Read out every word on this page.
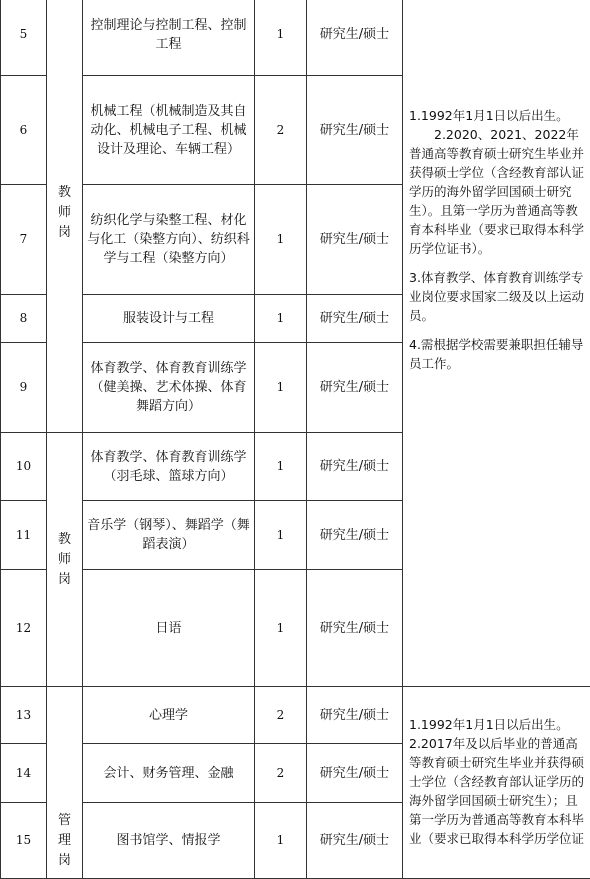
5	教师岗	控制理论与控制工程、控制工程	1	研究生/硕士	1.1992年1月1日以后出生。

2.2020、2021、2022年普通高等教育硕士研究生毕业并获得硕士学位（含经教育部认证学历的海外留学回国硕士研究生）。且第一学历为普通高等教育本科毕业（要求已取得本科学历学位证书）。

3.体育教学、体育教育训练学专业岗位要求国家二级及以上运动员。

4.需根据学校需要兼职担任辅导员工作。

6		机械工程（机械制造及其自动化、机械电子工程、机械设计及理论、车辆工程）	2	研究生/硕士	
7		纺织化学与染整工程、材化与化工（染整方向）、纺织科学与工程（染整方向）	1	研究生/硕士	
8		服装设计与工程	1	研究生/硕士	
9		体育教学、体育教育训练学（健美操、艺术体操、体育舞蹈方向）	1	研究生/硕士	
10	教师岗	体育教学、体育教育训练学（羽毛球、篮球方向）	1	研究生/硕士	
11		音乐学（钢琴）、舞蹈学（舞蹈表演）	1	研究生/硕士	
12		日语	1	研究生/硕士	
13	管理岗	心理学	2	研究生/硕士	1.1992年1月1日以后出生。

2.2017年及以后毕业的普通高等教育硕士研究生毕业并获得硕士学位（含经教育部认证学历的海外留学回国硕士研究生）；且第一学历为普通高等教育本科毕业（要求已取得本科学历学位证

14		会计、财务管理、金融	2	研究生/硕士	
15		图书馆学、情报学	1	研究生/硕士	
